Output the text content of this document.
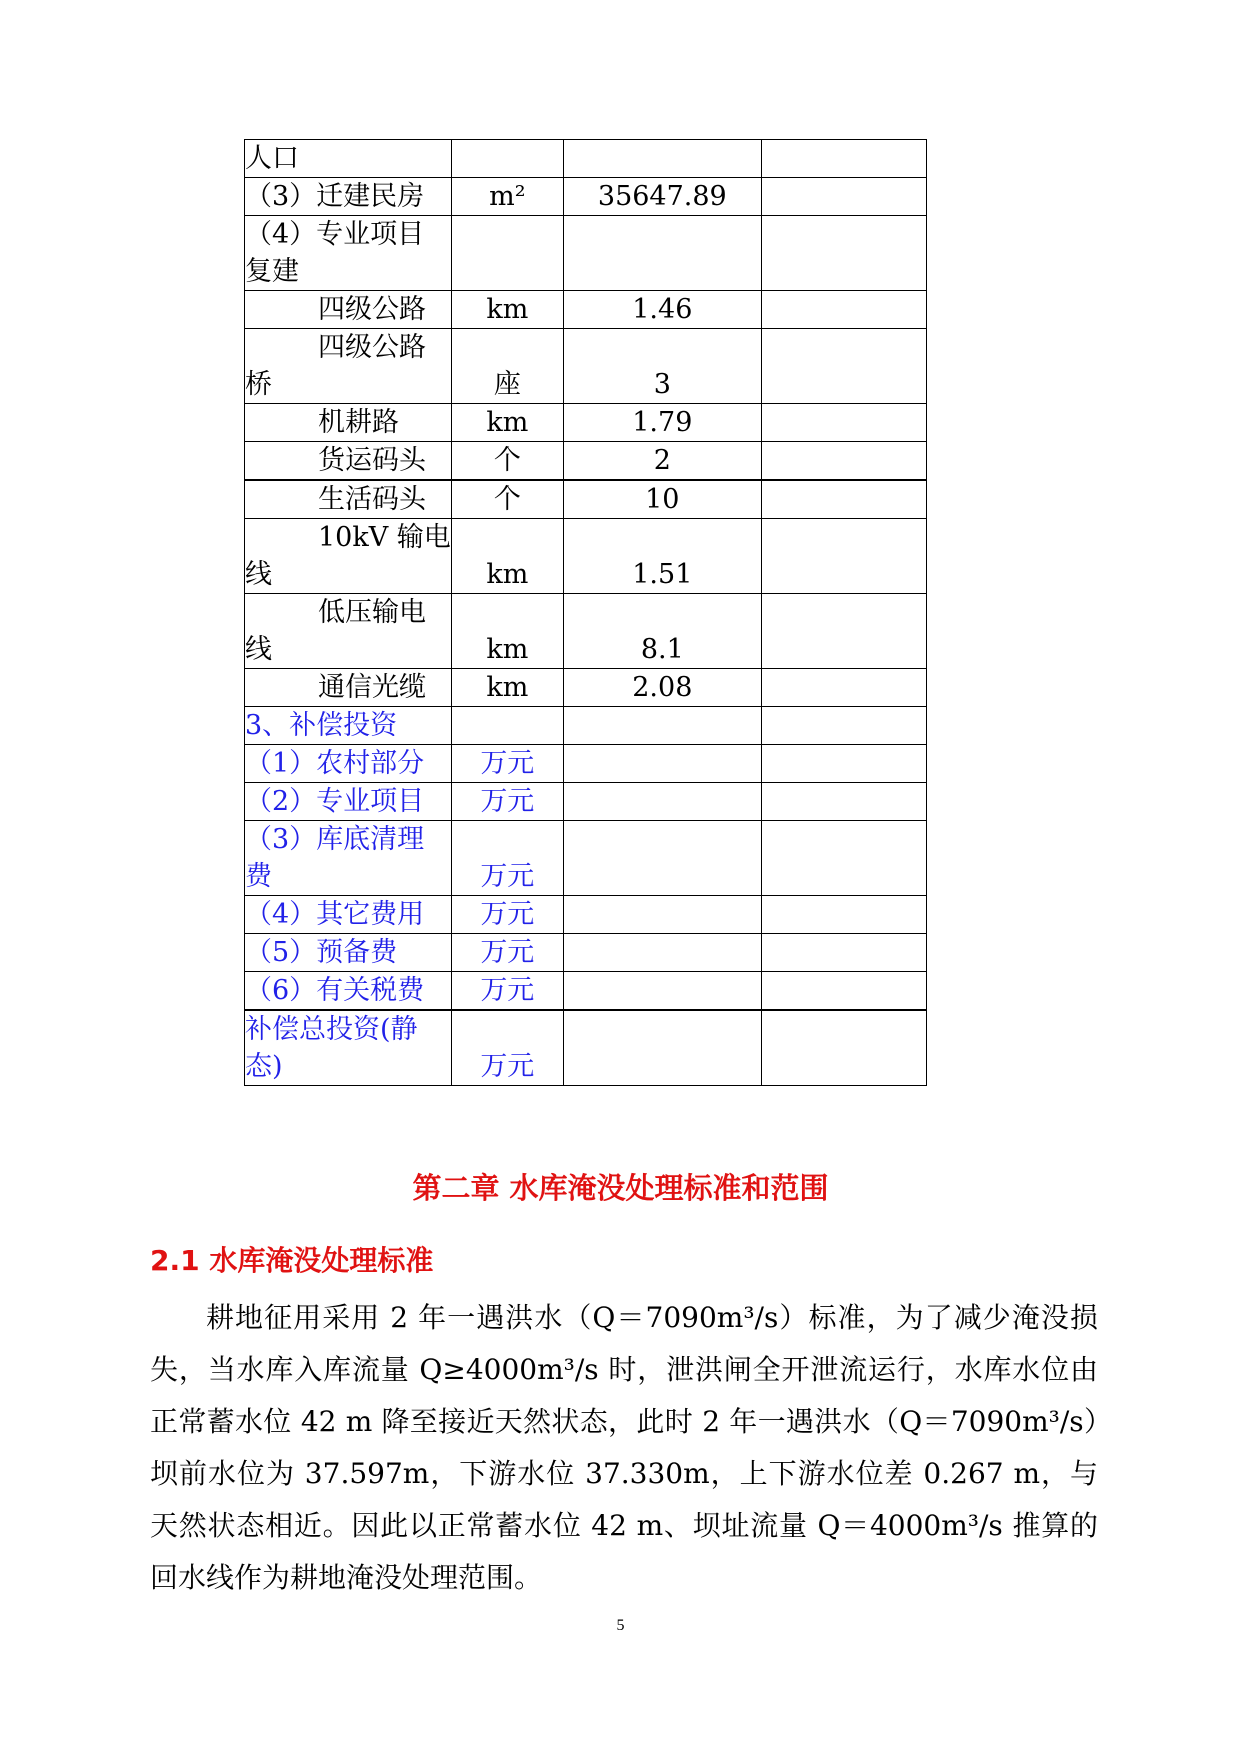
人口			

（3）迁建民房	m²	35647.89	

（4）专业项目
复建			

四级公路	km	1.46	

四级公路
桥	座	3	

机耕路	km	1.79	

货运码头	个	2	

生活码头	个	10	

10kV 输电
线	km	1.51	

低压输电
线	km	8.1	

通信光缆	km	2.08	

3、补偿投资			

（1）农村部分	万元		

（2）专业项目	万元		

（3）库底清理
费	万元		

（4）其它费用	万元		

（5）预备费	万元		

（6）有关税费	万元		

补偿总投资(静
态)	万元		

第二章 水库淹没处理标准和范围
2.1 水库淹没处理标准

耕地征用采用 2 年一遇洪水（Q＝7090m³/s）标准，为了减少淹没损失，当水库入库流量 Q≥4000m³/s 时，泄洪闸全开泄流运行，水库水位由正常蓄水位 42 m 降至接近天然状态，此时 2 年一遇洪水（Q＝7090m³/s）坝前水位为 37.597m，下游水位 37.330m，上下游水位差 0.267 m，与天然状态相近。因此以正常蓄水位 42 m、坝址流量 Q＝4000m³/s 推算的回水线作为耕地淹没处理范围。

5
